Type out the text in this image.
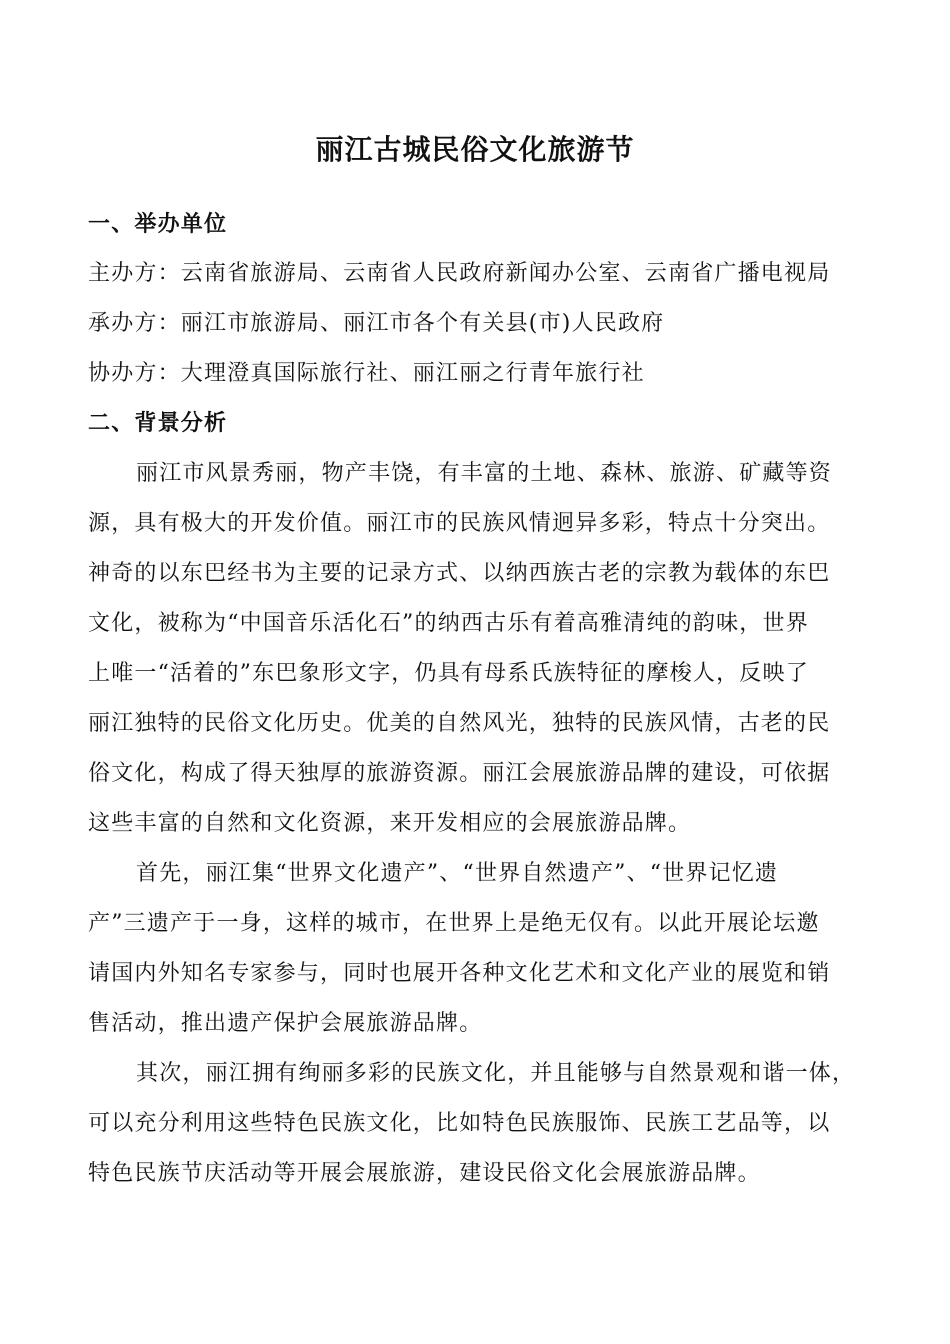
丽江古城民俗文化旅游节
一、举办单位
主办方：云南省旅游局、云南省人民政府新闻办公室、云南省广播电视局
承办方：丽江市旅游局、丽江市各个有关县(市)人民政府
协办方：大理澄真国际旅行社、丽江丽之行青年旅行社
二、背景分析
丽江市风景秀丽，物产丰饶，有丰富的土地、森林、旅游、矿藏等资
源，具有极大的开发价值。丽江市的民族风情迥异多彩，特点十分突出。
神奇的以东巴经书为主要的记录方式、以纳西族古老的宗教为载体的东巴
文化，被称为“中国音乐活化石”的纳西古乐有着高雅清纯的韵味，世界
上唯一“活着的”东巴象形文字，仍具有母系氏族特征的摩梭人，反映了
丽江独特的民俗文化历史。优美的自然风光，独特的民族风情，古老的民
俗文化，构成了得天独厚的旅游资源。丽江会展旅游品牌的建设，可依据
这些丰富的自然和文化资源，来开发相应的会展旅游品牌。
首先，丽江集“世界文化遗产”、“世界自然遗产”、“世界记忆遗
产”三遗产于一身，这样的城市，在世界上是绝无仅有。以此开展论坛邀
请国内外知名专家参与，同时也展开各种文化艺术和文化产业的展览和销
售活动，推出遗产保护会展旅游品牌。
其次，丽江拥有绚丽多彩的民族文化，并且能够与自然景观和谐一体，
可以充分利用这些特色民族文化，比如特色民族服饰、民族工艺品等，以
特色民族节庆活动等开展会展旅游，建设民俗文化会展旅游品牌。
